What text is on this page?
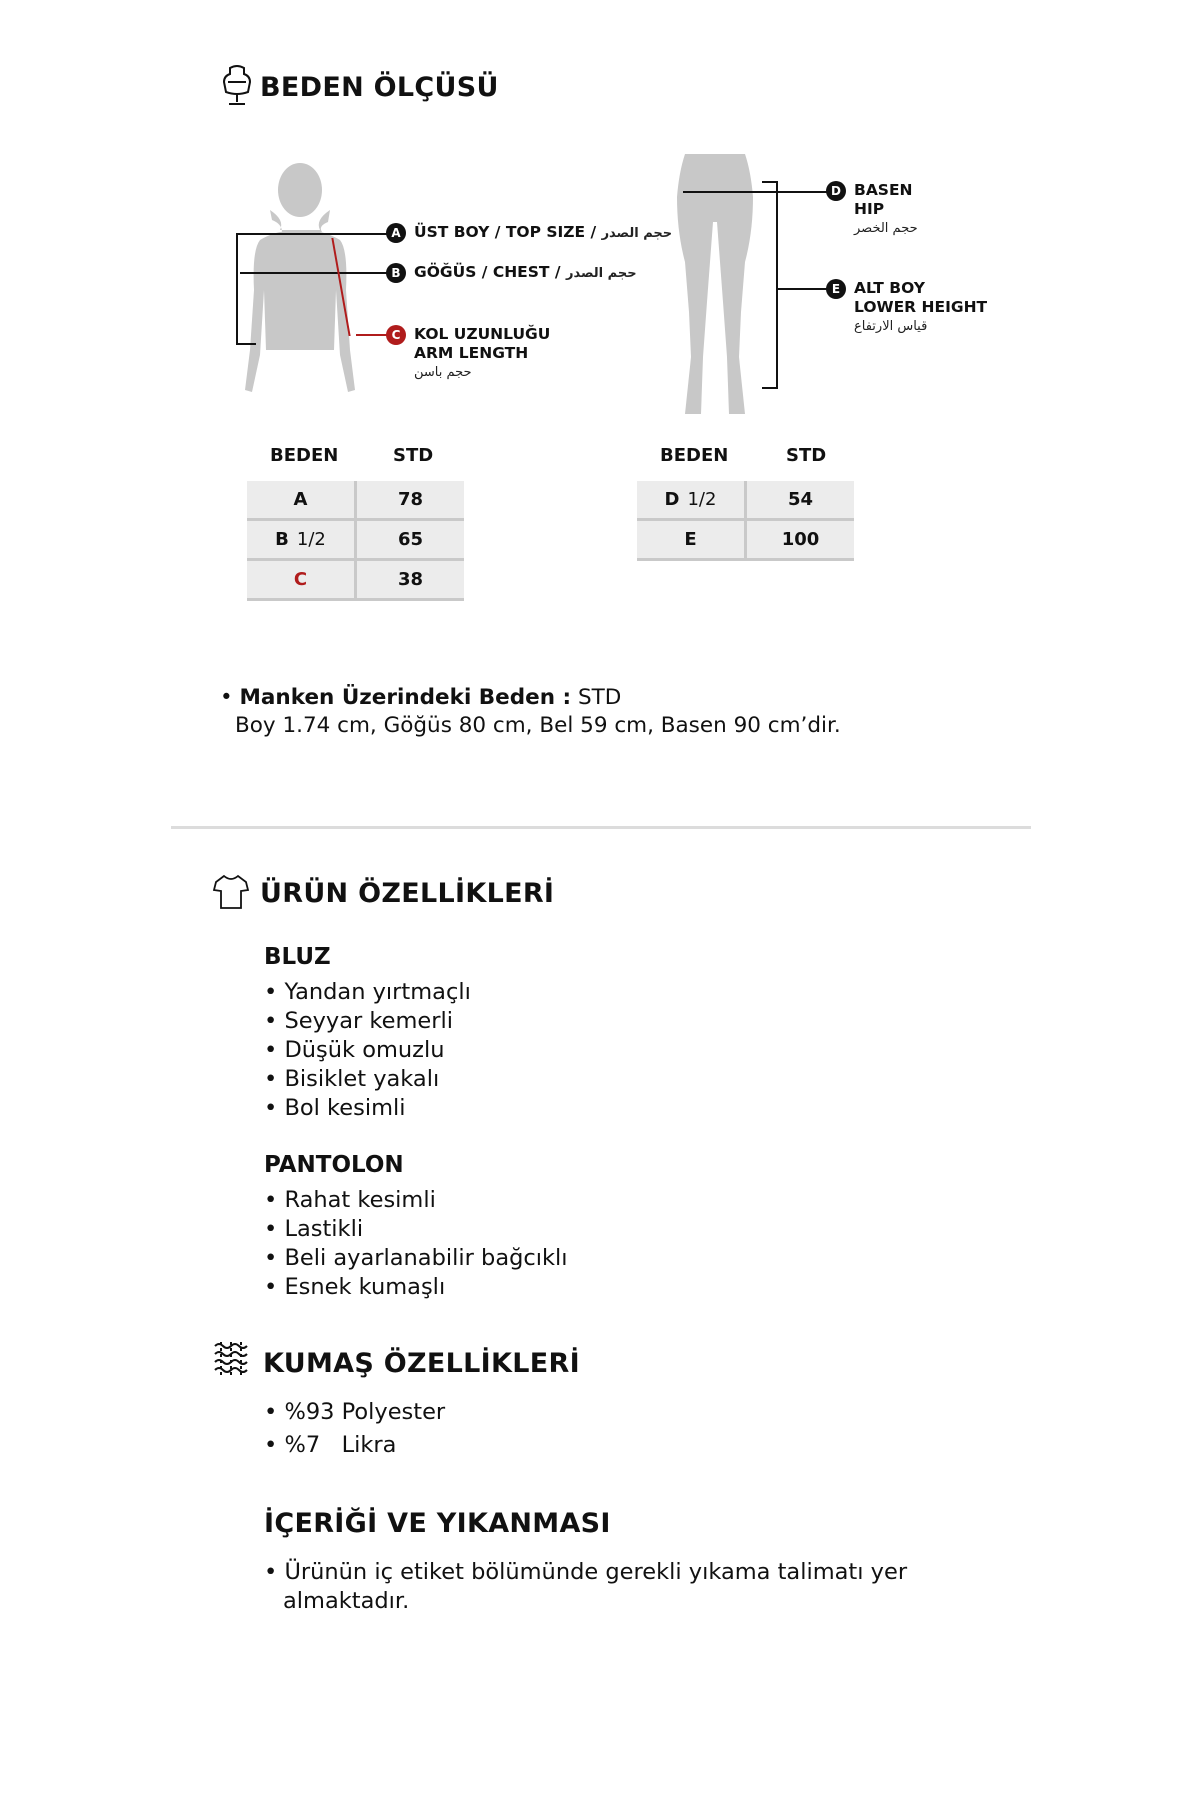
BEDEN ÖLÇÜSÜ
A ÜST BOY / TOP SIZE / حجم الصدر
B GÖĞÜS / CHEST / حجم الصدر
C KOL UZUNLUĞU
ARM LENGTH
حجم باسن
D BASEN
HIP
حجم الخصر
E ALT BOY
LOWER HEIGHT
قياس الارتفاع
BEDEN	STD
A	78
B 1/2	65
C	38
BEDEN	STD
D 1/2	54
E	100
• Manken Üzerindeki Beden : STD
Boy 1.74 cm, Göğüs 80 cm, Bel 59 cm, Basen 90 cm’dir.
ÜRÜN ÖZELLİKLERİ
BLUZ
• Yandan yırtmaçlı
• Seyyar kemerli
• Düşük omuzlu
• Bisiklet yakalı
• Bol kesimli
PANTOLON
• Rahat kesimli
• Lastikli
• Beli ayarlanabilir bağcıklı
• Esnek kumaşlı
KUMAŞ ÖZELLİKLERİ
• %93 Polyester
• %7   Likra
İÇERİĞİ VE YIKANMASI
• Ürünün iç etiket bölümünde gerekli yıkama talimatı yer
almaktadır.
